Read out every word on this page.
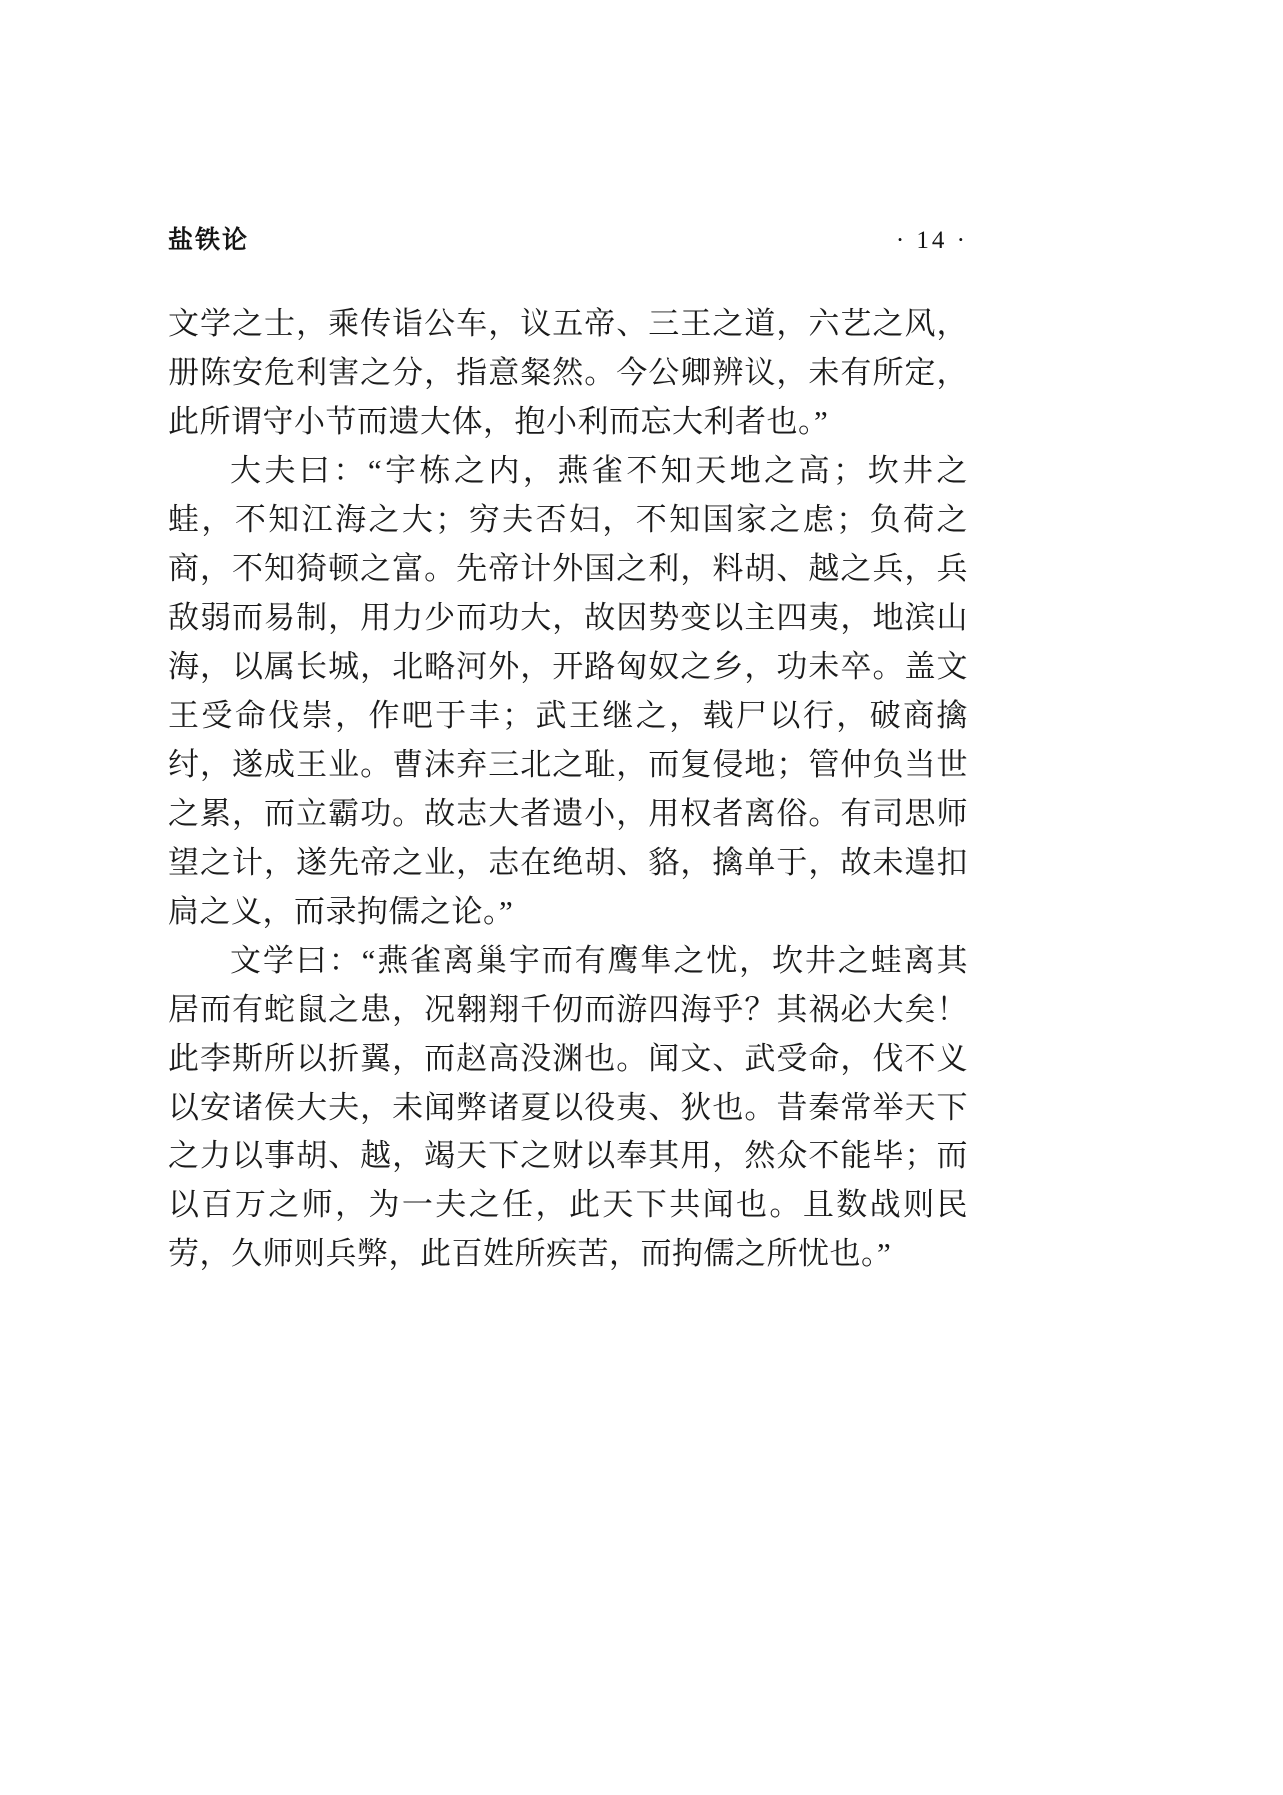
盐铁论	· 14 ·

文学之士，乘传诣公车，议五帝、三王之道，六艺之风，册陈安危利害之分，指意粲然。今公卿辨议，未有所定，此所谓守小节而遗大体，抱小利而忘大利者也。”

大夫曰：“宇栋之内，燕雀不知天地之高；坎井之蛙，不知江海之大；穷夫否妇，不知国家之虑；负荷之商，不知猗顿之富。先帝计外国之利，料胡、越之兵，兵敌弱而易制，用力少而功大，故因势变以主四夷，地滨山海，以属长城，北略河外，开路匈奴之乡，功未卒。盖文王受命伐崇，作吧于丰；武王继之，载尸以行，破商擒纣，遂成王业。曹沫弃三北之耻，而复侵地；管仲负当世之累，而立霸功。故志大者遗小，用权者离俗。有司思师望之计，遂先帝之业，志在绝胡、貉，擒单于，故未遑扣扃之义，而录拘儒之论。”

文学曰：“燕雀离巢宇而有鹰隼之忧，坎井之蛙离其居而有蛇鼠之患，况翱翔千仞而游四海乎？其祸必大矣！此李斯所以折翼，而赵高没渊也。闻文、武受命，伐不义以安诸侯大夫，未闻弊诸夏以役夷、狄也。昔秦常举天下之力以事胡、越，竭天下之财以奉其用，然众不能毕；而以百万之师，为一夫之任，此天下共闻也。且数战则民劳，久师则兵弊，此百姓所疾苦，而拘儒之所忧也。”
